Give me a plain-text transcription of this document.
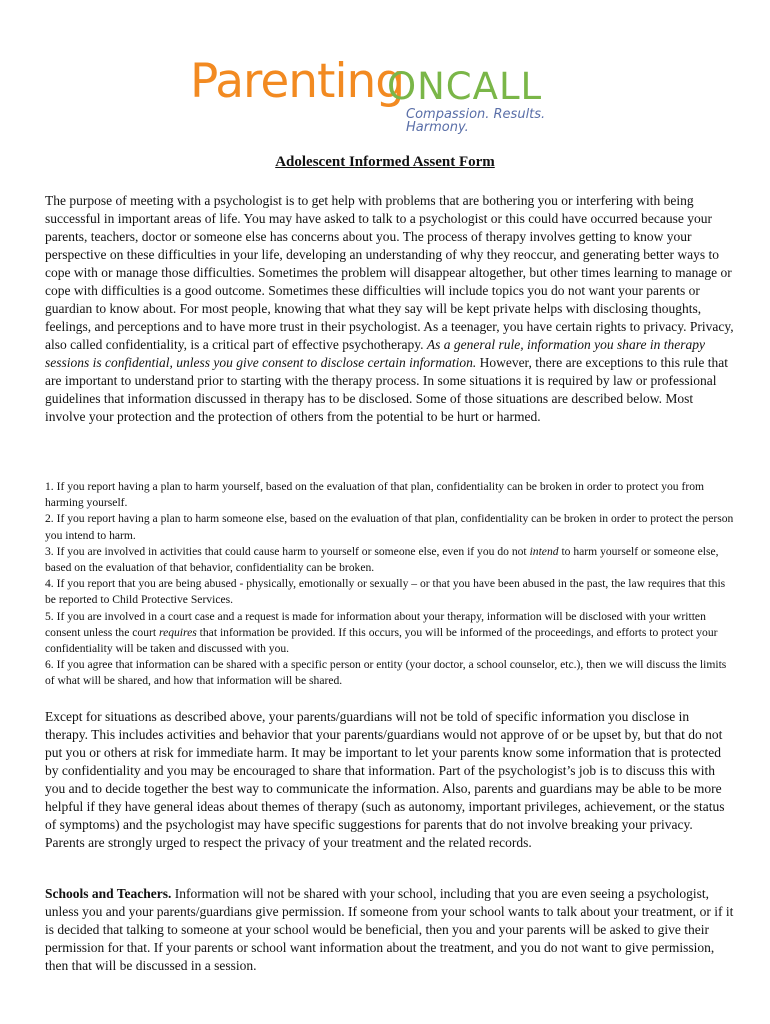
Parenting
ONCALL
Compassion. Results. Harmony.
Adolescent Informed Assent Form
The purpose of meeting with a psychologist is to get help with problems that are bothering you or interfering with being successful in important areas of life. You may have asked to talk to a psychologist or this could have occurred because your parents, teachers, doctor or someone else has concerns about you. The process of therapy involves getting to know your perspective on these difficulties in your life, developing an understanding of why they reoccur, and generating better ways to cope with or manage those difficulties. Sometimes the problem will disappear altogether, but other times learning to manage or cope with difficulties is a good outcome. Sometimes these difficulties will include topics you do not want your parents or guardian to know about. For most people, knowing that what they say will be kept private helps with disclosing thoughts, feelings, and perceptions and to have more trust in their psychologist. As a teenager, you have certain rights to privacy. Privacy, also called confidentiality, is a critical part of effective psychotherapy. As a general rule, information you share in therapy sessions is confidential, unless you give consent to disclose certain information. However, there are exceptions to this rule that are important to understand prior to starting with the therapy process. In some situations it is required by law or professional guidelines that information discussed in therapy has to be disclosed. Some of those situations are described below. Most involve your protection and the protection of others from the potential to be hurt or harmed.
1. If you report having a plan to harm yourself, based on the evaluation of that plan, confidentiality can be broken in order to protect you from harming yourself.
2. If you report having a plan to harm someone else, based on the evaluation of that plan, confidentiality can be broken in order to protect the person you intend to harm.
3. If you are involved in activities that could cause harm to yourself or someone else, even if you do not intend to harm yourself or someone else, based on the evaluation of that behavior, confidentiality can be broken.
4. If you report that you are being abused - physically, emotionally or sexually – or that you have been abused in the past, the law requires that this be reported to Child Protective Services.
5. If you are involved in a court case and a request is made for information about your therapy, information will be disclosed with your written consent unless the court requires that information be provided. If this occurs, you will be informed of the proceedings, and efforts to protect your confidentiality will be taken and discussed with you.
6. If you agree that information can be shared with a specific person or entity (your doctor, a school counselor, etc.), then we will discuss the limits of what will be shared, and how that information will be shared.
Except for situations as described above, your parents/guardians will not be told of specific information you disclose in therapy. This includes activities and behavior that your parents/guardians would not approve of or be upset by, but that do not put you or others at risk for immediate harm. It may be important to let your parents know some information that is protected by confidentiality and you may be encouraged to share that information. Part of the psychologist’s job is to discuss this with you and to decide together the best way to communicate the information. Also, parents and guardians may be able to be more helpful if they have general ideas about themes of therapy (such as autonomy, important privileges, achievement, or the status of symptoms) and the psychologist may have specific suggestions for parents that do not involve breaking your privacy. Parents are strongly urged to respect the privacy of your treatment and the related records.
Schools and Teachers. Information will not be shared with your school, including that you are even seeing a psychologist, unless you and your parents/guardians give permission. If someone from your school wants to talk about your treatment, or if it is decided that talking to someone at your school would be beneficial, then you and your parents will be asked to give their permission for that. If your parents or school want information about the treatment, and you do not want to give permission, then that will be discussed in a session.
